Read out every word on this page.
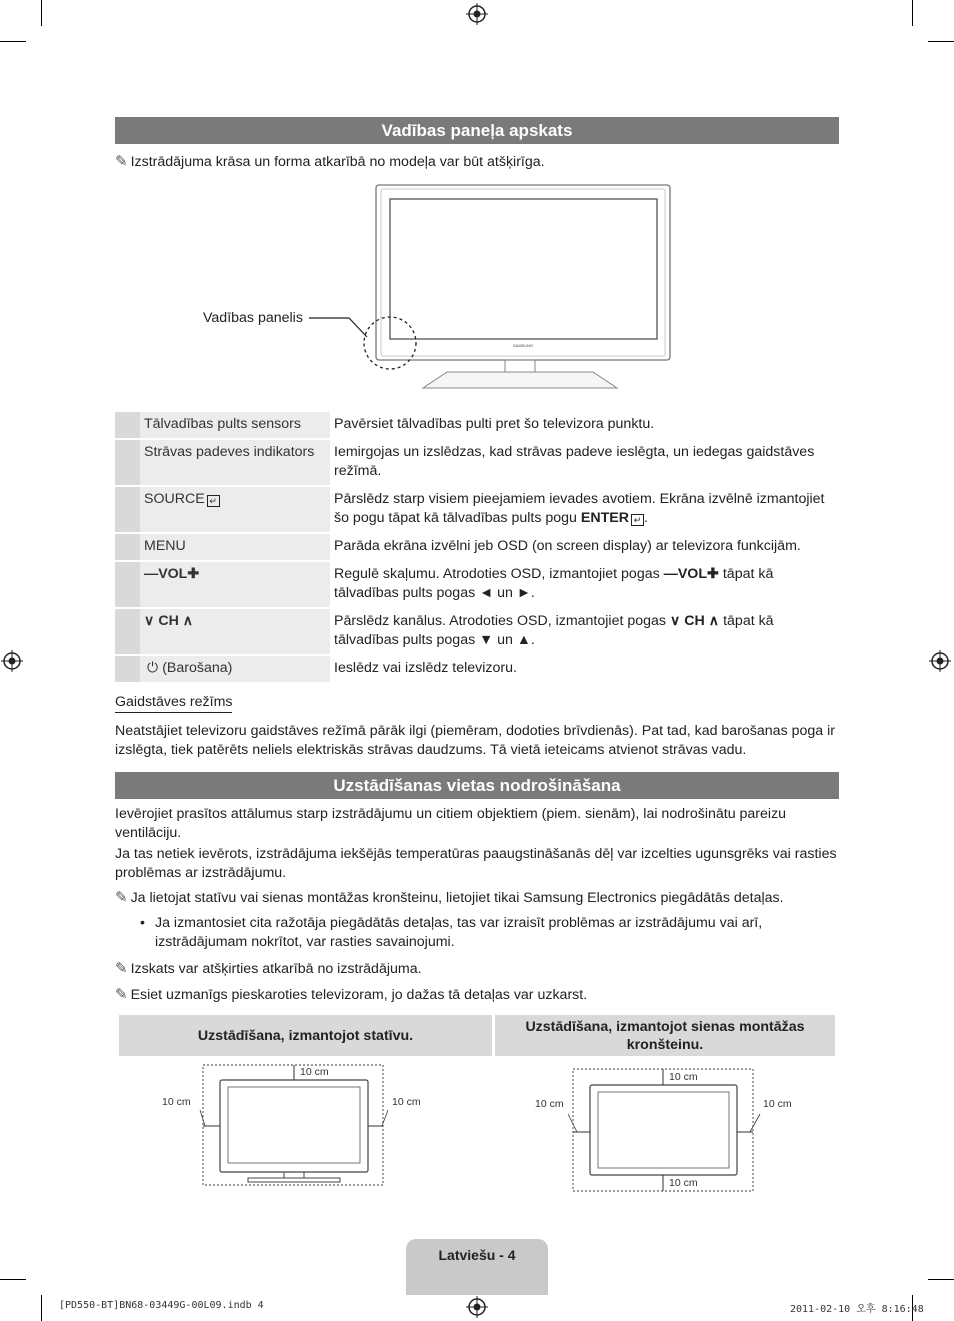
Vadības paneļa apskats
✎ Izstrādājuma krāsa un forma atkarībā no modeļa var būt atšķirīga.
SAMSUNG
Vadības panelis
	Tālvadības pults sensors	Pavērsiet tālvadības pulti pret šo televizora punktu.
	Strāvas padeves indikators	Iemirgojas un izslēdzas, kad strāvas padeve ieslēgta, un iedegas gaidstāves režīmā.
	SOURCE ↵	Pārslēdz starp visiem pieejamiem ievades avotiem. Ekrāna izvēlnē izmantojiet šo pogu tāpat kā tālvadības pults pogu ENTER ↵ .
	MENU	Parāda ekrāna izvēlni jeb OSD (on screen display) ar televizora funkcijām.
	—VOL✚	Regulē skaļumu. Atrodoties OSD, izmantojiet pogas —VOL✚ tāpat kā tālvadības pults pogas ◄ un ►.
	∨ CH ∧	Pārslēdz kanālus. Atrodoties OSD, izmantojiet pogas ∨ CH ∧ tāpat kā tālvadības pults pogas ▼ un ▲.
	⏻ (Barošana)	Ieslēdz vai izslēdz televizoru.
Gaidstāves režīms
Neatstājiet televizoru gaidstāves režīmā pārāk ilgi (piemēram, dodoties brīvdienās). Pat tad, kad barošanas poga ir izslēgta, tiek patērēts neliels elektriskās strāvas daudzums. Tā vietā ieteicams atvienot strāvas vadu.
Uzstādīšanas vietas nodrošināšana
Ievērojiet prasītos attālumus starp izstrādājumu un citiem objektiem (piem. sienām), lai nodrošinātu pareizu ventilāciju.
Ja tas netiek ievērots, izstrādājuma iekšējās temperatūras paaugstināšanās dēļ var izcelties ugunsgrēks vai rasties problēmas ar izstrādājumu.
✎ Ja lietojat statīvu vai sienas montāžas kronšteinu, lietojiet tikai Samsung Electronics piegādātās detaļas.
• Ja izmantosiet cita ražotāja piegādātās detaļas, tas var izraisīt problēmas ar izstrādājumu vai arī, izstrādājumam nokrītot, var rasties savainojumi.
✎ Izskats var atšķirties atkarībā no izstrādājuma.
✎ Esiet uzmanīgs pieskaroties televizoram, jo dažas tā detaļas var uzkarst.
Uzstādīšana, izmantojot statīvu.
Uzstādīšana, izmantojot sienas montāžas kronšteinu.
10 cm
10 cm	10 cm
10 cm
10 cm	10 cm
10 cm
Latviešu - 4
[PD550-BT]BN68-03449G-00L09.indb 4	2011-02-10 오후 8:16:48
